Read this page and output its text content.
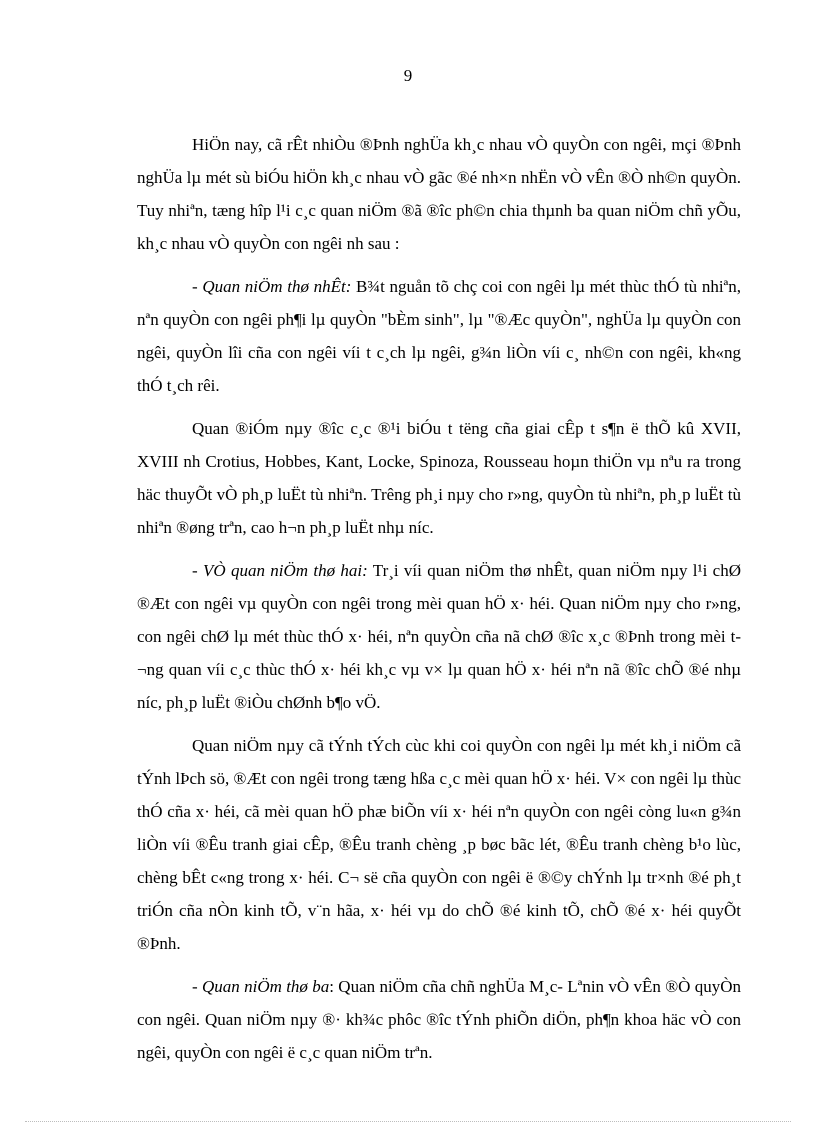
9

HiÖn nay, cã rÊt nhiÒu ®Þnh nghÜa kh¸c nhau vÒ quyÒn con ngêi, mçi ®Þnh nghÜa lµ mét sù biÓu hiÖn kh¸c nhau vÒ gãc ®é nh×n nhËn vÒ vÊn ®Ò nh©n quyÒn. Tuy nhiªn, tæng hîp l¹i c¸c quan niÖm ®ã ®îc ph©n chia thµnh ba quan niÖm chñ yÕu, kh¸c nhau vÒ quyÒn con ngêi nh sau :

- Quan niÖm thø nhÊt: B¾t nguån tõ chç coi con ngêi lµ mét thùc thÓ tù nhiªn, nªn quyÒn con ngêi ph¶i lµ quyÒn "bÈm sinh", lµ "®Æc quyÒn", nghÜa lµ quyÒn con ngêi, quyÒn lîi cña con ngêi víi t c¸ch lµ ngêi, g¾n liÒn víi c¸ nh©n con ngêi, kh«ng thÓ t¸ch rêi.

Quan ®iÓm nµy ®îc c¸c ®¹i biÓu t tëng cña giai cÊp t s¶n ë thÕ kû XVII, XVIII nh Crotius, Hobbes, Kant, Locke, Spinoza, Rousseau hoµn thiÖn vµ nªu ra trong häc thuyÕt vÒ ph¸p luËt tù nhiªn. Trêng ph¸i nµy cho r»ng, quyÒn tù nhiªn, ph¸p luËt tù nhiªn ®øng trªn, cao h¬n ph¸p luËt nhµ níc.

- VÒ quan niÖm thø hai: Tr¸i víi quan niÖm thø nhÊt, quan niÖm nµy l¹i chØ ®Æt con ngêi vµ quyÒn con ngêi trong mèi quan hÖ x· héi. Quan niÖm nµy cho r»ng, con ngêi chØ lµ mét thùc thÓ x· héi, nªn quyÒn cña nã chØ ®îc x¸c ®Þnh trong mèi t¬ng quan víi c¸c thùc thÓ x· héi kh¸c vµ v× lµ quan hÖ x· héi nªn nã ®îc chÕ ®é nhµ níc, ph¸p luËt ®iÒu chØnh b¶o vÖ.

Quan niÖm nµy cã tÝnh tÝch cùc khi coi quyÒn con ngêi lµ mét kh¸i niÖm cã tÝnh lÞch sö, ®Æt con ngêi trong tæng hßa c¸c mèi quan hÖ x· héi. V× con ngêi lµ thùc thÓ cña x· héi, cã mèi quan hÖ phæ biÕn víi x· héi nªn quyÒn con ngêi còng lu«n g¾n liÒn víi ®Êu tranh giai cÊp, ®Êu tranh chèng ¸p bøc bãc lét, ®Êu tranh chèng b¹o lùc, chèng bÊt c«ng trong x· héi. C¬ së cña quyÒn con ngêi ë ®©y chÝnh lµ tr×nh ®é ph¸t triÓn cña nÒn kinh tÕ, v¨n hãa, x· héi vµ do chÕ ®é kinh tÕ, chÕ ®é x· héi quyÕt ®Þnh.

- Quan niÖm thø ba: Quan niÖm cña chñ nghÜa M¸c- Lªnin vÒ vÊn ®Ò quyÒn con ngêi. Quan niÖm nµy ®· kh¾c phôc ®îc tÝnh phiÕn diÖn, ph¶n khoa häc vÒ con ngêi, quyÒn con ngêi ë c¸c quan niÖm trªn.
